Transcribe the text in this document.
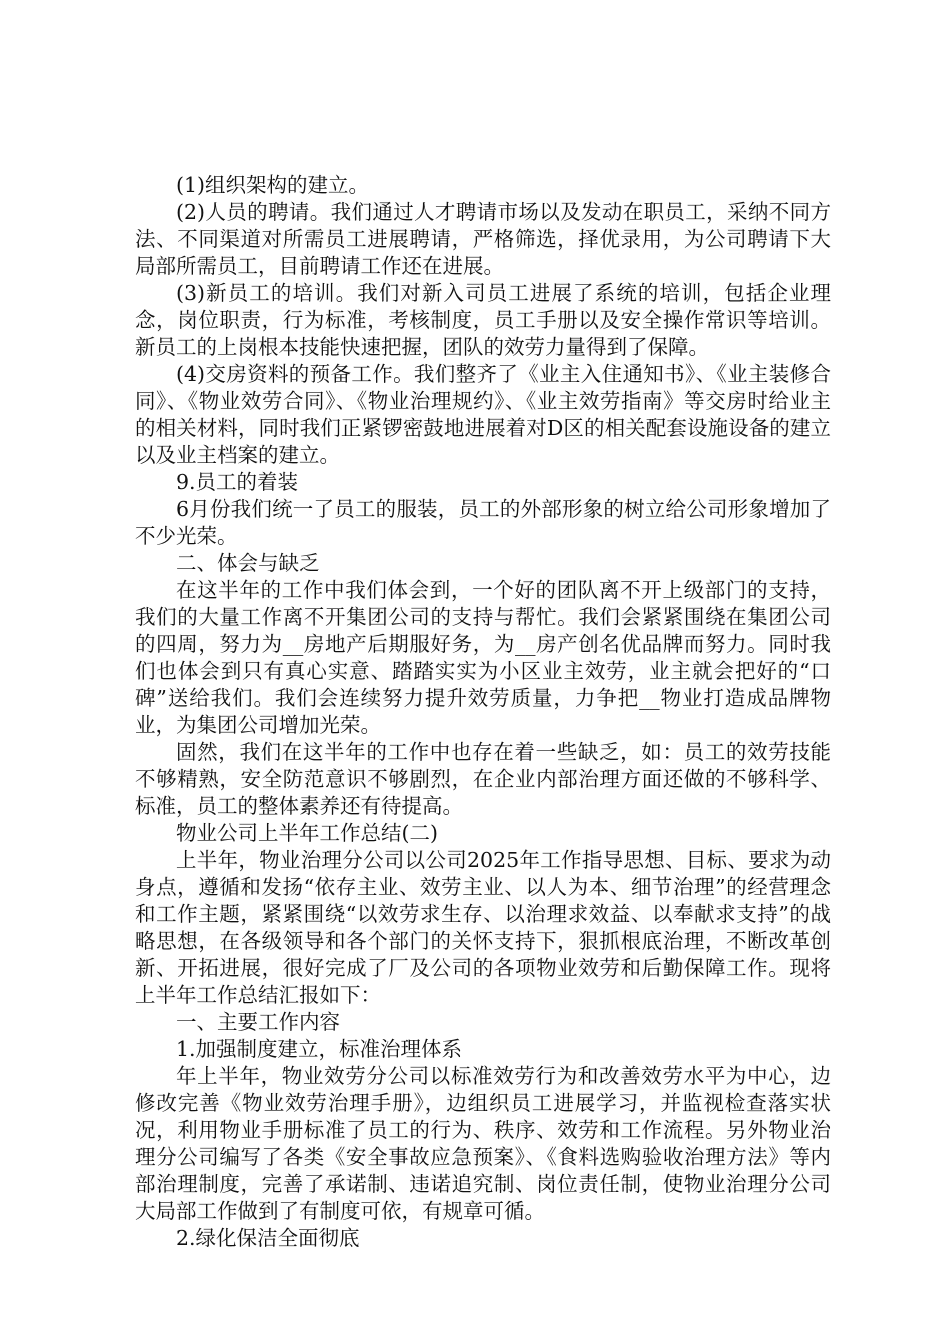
(1)组织架构的建立。

(2)人员的聘请。我们通过人才聘请市场以及发动在职员工，采纳不同方法、不同渠道对所需员工进展聘请，严格筛选，择优录用，为公司聘请下大局部所需员工，目前聘请工作还在进展。

(3)新员工的培训。我们对新入司员工进展了系统的培训，包括企业理念，岗位职责，行为标准，考核制度，员工手册以及安全操作常识等培训。新员工的上岗根本技能快速把握，团队的效劳力量得到了保障。

(4)交房资料的预备工作。我们整齐了《业主入住通知书》、《业主装修合同》、《物业效劳合同》、《物业治理规约》、《业主效劳指南》等交房时给业主的相关材料，同时我们正紧锣密鼓地进展着对D区的相关配套设施设备的建立以及业主档案的建立。

9.员工的着装

6月份我们统一了员工的服装，员工的外部形象的树立给公司形象增加了不少光荣。

二、体会与缺乏

在这半年的工作中我们体会到，一个好的团队离不开上级部门的支持，我们的大量工作离不开集团公司的支持与帮忙。我们会紧紧围绕在集团公司的四周，努力为__房地产后期服好务，为__房产创名优品牌而努力。同时我们也体会到只有真心实意、踏踏实实为小区业主效劳，业主就会把好的“口碑”送给我们。我们会连续努力提升效劳质量，力争把__物业打造成品牌物业，为集团公司增加光荣。

固然，我们在这半年的工作中也存在着一些缺乏，如：员工的效劳技能不够精熟，安全防范意识不够剧烈，在企业内部治理方面还做的不够科学、标准，员工的整体素养还有待提高。

物业公司上半年工作总结(二)

上半年，物业治理分公司以公司2025年工作指导思想、目标、要求为动身点，遵循和发扬“依存主业、效劳主业、以人为本、细节治理”的经营理念和工作主题，紧紧围绕“以效劳求生存、以治理求效益、以奉献求支持”的战略思想，在各级领导和各个部门的关怀支持下，狠抓根底治理，不断改革创新、开拓进展，很好完成了厂及公司的各项物业效劳和后勤保障工作。现将上半年工作总结汇报如下：

一、主要工作内容

1.加强制度建立，标准治理体系

年上半年，物业效劳分公司以标准效劳行为和改善效劳水平为中心，边修改完善《物业效劳治理手册》，边组织员工进展学习，并监视检查落实状况，利用物业手册标准了员工的行为、秩序、效劳和工作流程。另外物业治理分公司编写了各类《安全事故应急预案》、《食料选购验收治理方法》等内部治理制度，完善了承诺制、违诺追究制、岗位责任制，使物业治理分公司大局部工作做到了有制度可依，有规章可循。

2.绿化保洁全面彻底
